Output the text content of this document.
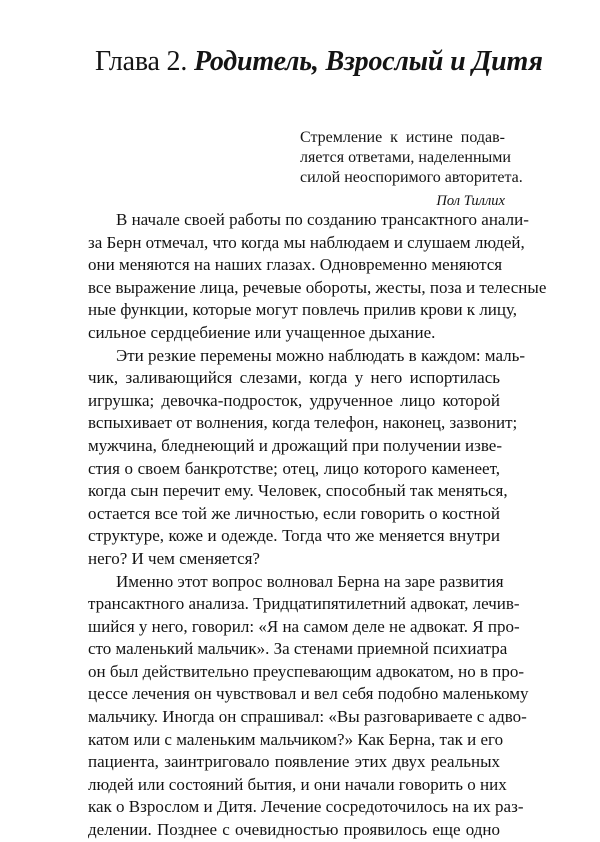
Глава 2. Родитель, Взрослый и Дитя
Стремление к истине подав-
ляется ответами, наделенными
силой неоспоримого авторитета.
Пол Тиллих
В начале своей работы по созданию трансактного анали-
за Берн отмечал, что когда мы наблюдаем и слушаем людей,
они меняются на наших глазах. Одновременно меняются
все выражение лица, речевые обороты, жесты, поза и телесные
ные функции, которые могут повлечь прилив крови к лицу,
сильное сердцебиение или учащенное дыхание.
Эти резкие перемены можно наблюдать в каждом: маль-
чик, заливающийся слезами, когда у него испортилась
игрушка; девочка-подросток, удрученное лицо которой
вспыхивает от волнения, когда телефон, наконец, зазвонит;
мужчина, бледнеющий и дрожащий при получении изве-
стия о своем банкротстве; отец, лицо которого каменеет,
когда сын перечит ему. Человек, способный так меняться,
остается все той же личностью, если говорить о костной
структуре, коже и одежде. Тогда что же меняется внутри
него? И чем сменяется?
Именно этот вопрос волновал Берна на заре развития
трансактного анализа. Тридцатипятилетний адвокат, лечив-
шийся у него, говорил: «Я на самом деле не адвокат. Я про-
сто маленький мальчик». За стенами приемной психиатра
он был действительно преуспевающим адвокатом, но в про-
цессе лечения он чувствовал и вел себя подобно маленькому
мальчику. Иногда он спрашивал: «Вы разговариваете с адво-
катом или с маленьким мальчиком?» Как Берна, так и его
пациента, заинтриговало появление этих двух реальных
людей или состояний бытия, и они начали говорить о них
как о Взрослом и Дитя. Лечение сосредоточилось на их раз-
делении. Позднее с очевидностью проявилось еще одно
